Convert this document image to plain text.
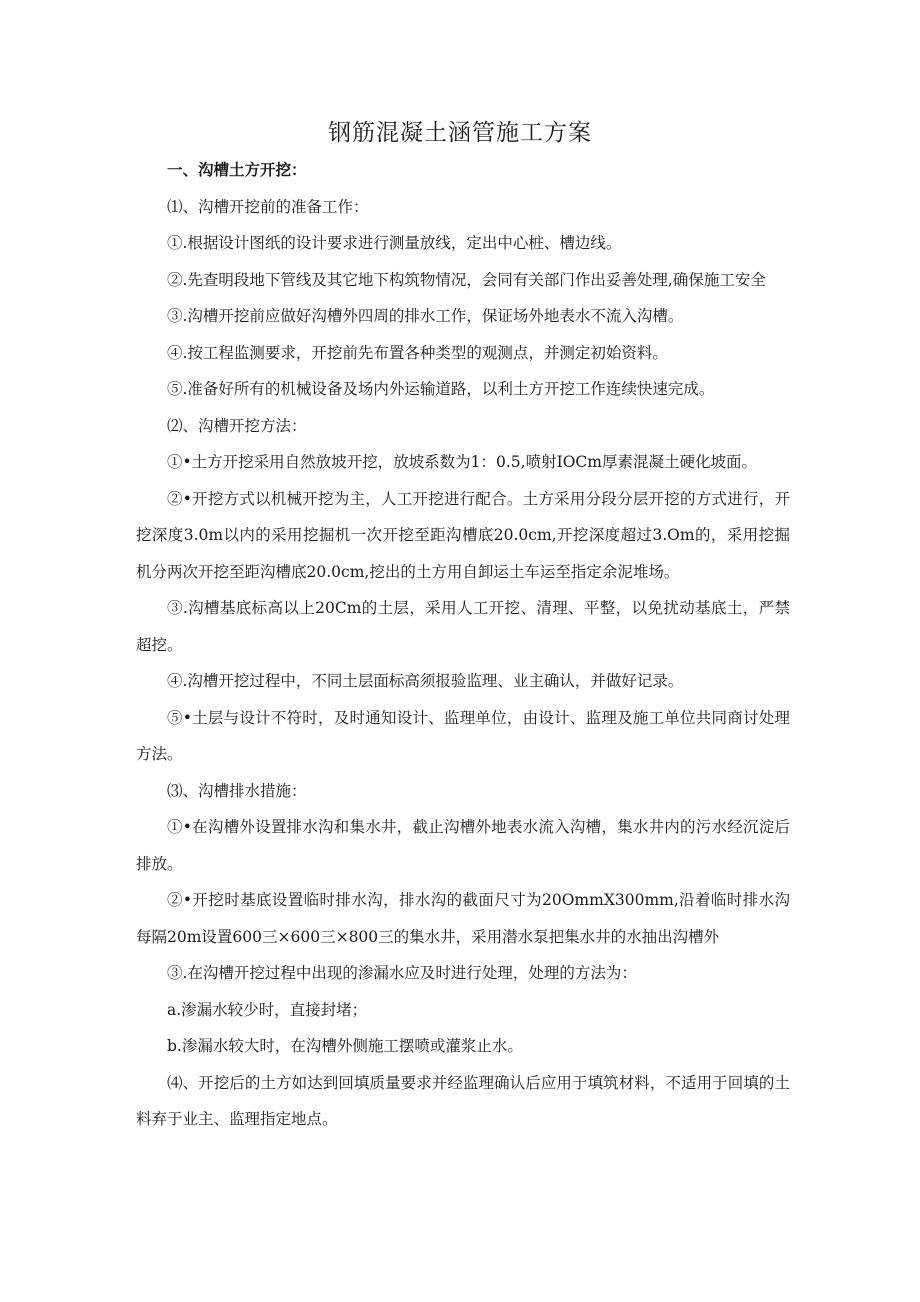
钢筋混凝土涵管施工方案

一、沟槽土方开挖：

⑴、沟槽开挖前的准备工作：

①.根据设计图纸的设计要求进行测量放线，定出中心桩、槽边线。

②.先查明段地下管线及其它地下构筑物情况，会同有关部门作出妥善处理,确保施工安全

③.沟槽开挖前应做好沟槽外四周的排水工作，保证场外地表水不流入沟槽。

④.按工程监测要求，开挖前先布置各种类型的观测点，并测定初始资料。

⑤.准备好所有的机械设备及场内外运输道路，以利土方开挖工作连续快速完成。

⑵、沟槽开挖方法：

①•土方开挖采用自然放坡开挖，放坡系数为1：0.5,喷射IOCm厚素混凝土硬化坡面。

②•开挖方式以机械开挖为主，人工开挖进行配合。土方采用分段分层开挖的方式进行，开挖深度3.0m以内的采用挖掘机一次开挖至距沟槽底20.0cm,开挖深度超过3.Om的，采用挖掘机分两次开挖至距沟槽底20.0cm,挖出的土方用自卸运土车运至指定余泥堆场。

③.沟槽基底标高以上20Cm的土层，采用人工开挖、清理、平整，以免扰动基底土，严禁超挖。

④.沟槽开挖过程中，不同土层面标高须报验监理、业主确认，并做好记录。

⑤•土层与设计不符时，及时通知设计、监理单位，由设计、监理及施工单位共同商讨处理方法。

⑶、沟槽排水措施：

①•在沟槽外设置排水沟和集水井，截止沟槽外地表水流入沟槽，集水井内的污水经沉淀后排放。

②•开挖时基底设置临时排水沟，排水沟的截面尺寸为20OmmX300mm,沿着临时排水沟每隔20m设置600三×600三×800三的集水井，采用潜水泵把集水井的水抽出沟槽外

③.在沟槽开挖过程中出现的渗漏水应及时进行处理，处理的方法为：

a.渗漏水较少时，直接封堵；

b.渗漏水较大时，在沟槽外侧施工摆喷或灌浆止水。

⑷、开挖后的土方如达到回填质量要求并经监理确认后应用于填筑材料，不适用于回填的土料弃于业主、监理指定地点。
